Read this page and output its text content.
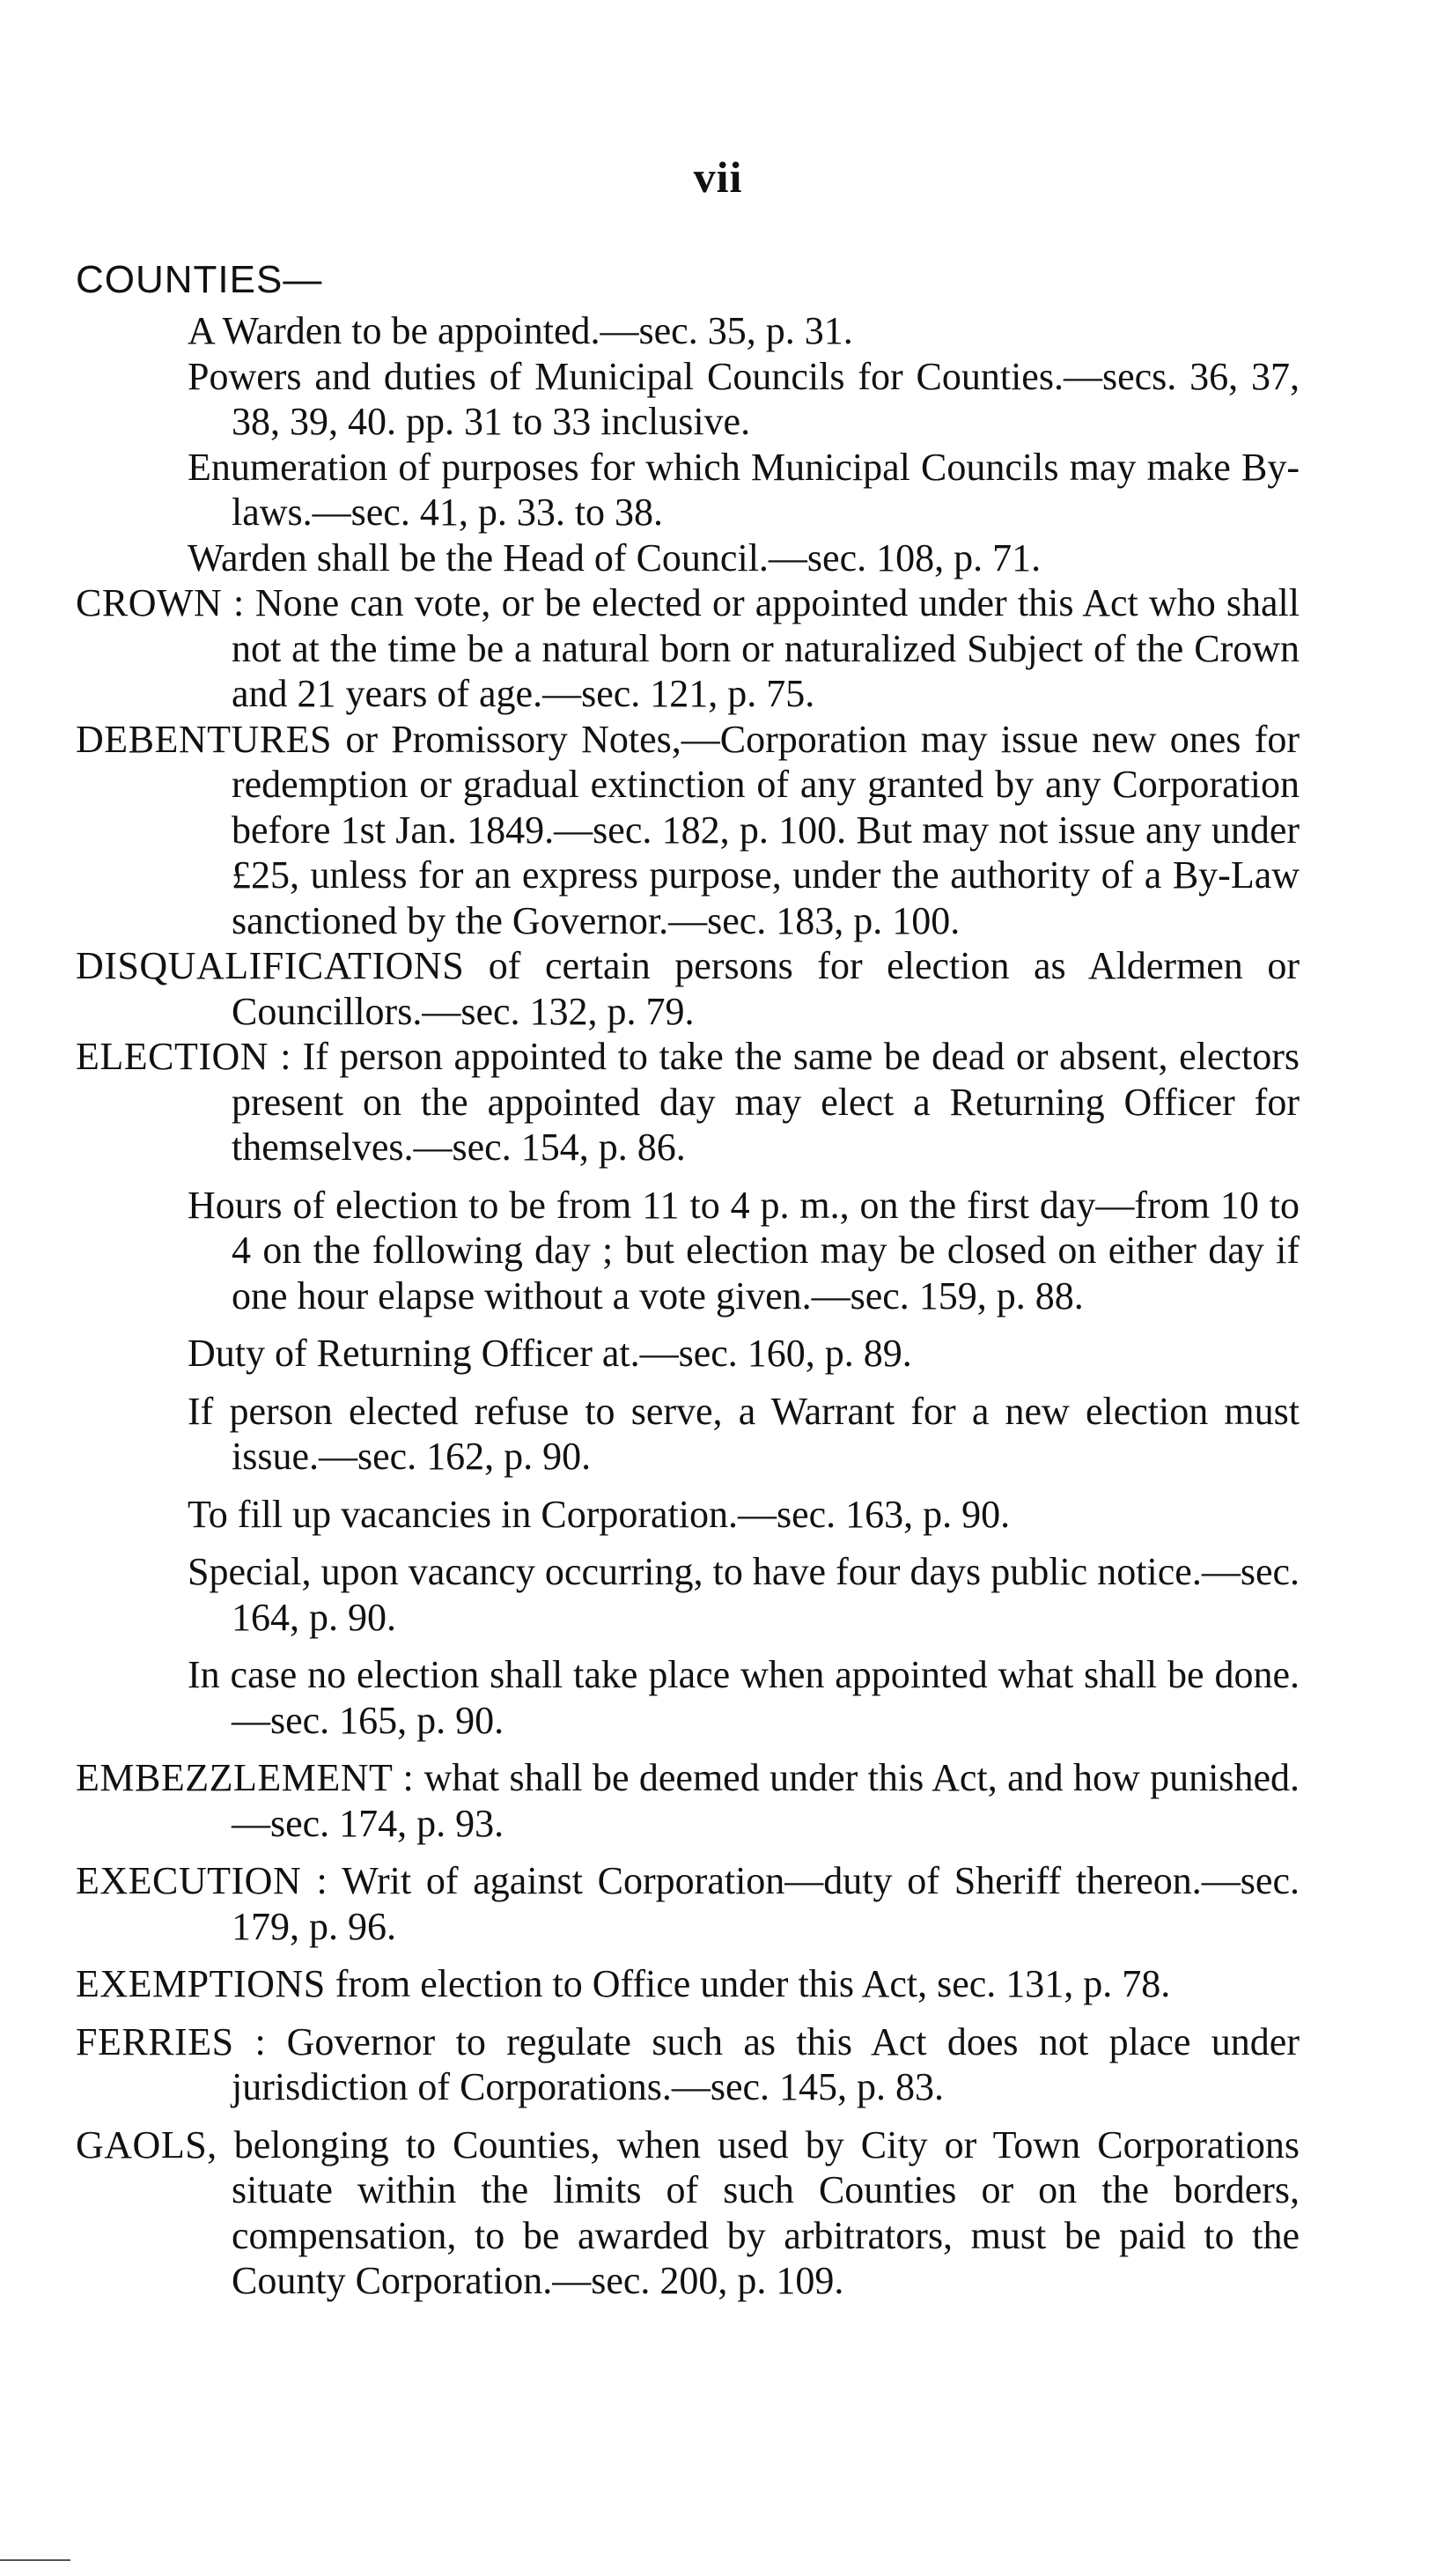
vii
COUNTIES—

A Warden to be appointed.—sec. 35, p. 31.

Powers and duties of Municipal Councils for Counties.—secs. 36, 37, 38, 39, 40. pp. 31 to 33 inclusive.

Enumeration of purposes for which Municipal Councils may make By-laws.—sec. 41, p. 33. to 38.

Warden shall be the Head of Council.—sec. 108, p. 71.

CROWN : None can vote, or be elected or appointed under this Act who shall not at the time be a natural born or naturalized Subject of the Crown and 21 years of age.—sec. 121, p. 75.

DEBENTURES or Promissory Notes,—Corporation may issue new ones for redemption or gradual extinction of any granted by any Corporation before 1st Jan. 1849.—sec. 182, p. 100. But may not issue any under £25, unless for an express purpose, under the authority of a By-Law sanctioned by the Governor.—sec. 183, p. 100.

DISQUALIFICATIONS of certain persons for election as Aldermen or Councillors.—sec. 132, p. 79.

ELECTION : If person appointed to take the same be dead or absent, electors present on the appointed day may elect a Returning Officer for themselves.—sec. 154, p. 86.

Hours of election to be from 11 to 4 p. m., on the first day—from 10 to 4 on the following day ; but election may be closed on either day if one hour elapse without a vote given.—sec. 159, p. 88.

Duty of Returning Officer at.—sec. 160, p. 89.

If person elected refuse to serve, a Warrant for a new election must issue.—sec. 162, p. 90.

To fill up vacancies in Corporation.—sec. 163, p. 90.

Special, upon vacancy occurring, to have four days public notice.—sec. 164, p. 90.

In case no election shall take place when appointed what shall be done.—sec. 165, p. 90.

EMBEZZLEMENT : what shall be deemed under this Act, and how punished.—sec. 174, p. 93.

EXECUTION : Writ of against Corporation—duty of Sheriff thereon.—sec. 179, p. 96.

EXEMPTIONS from election to Office under this Act, sec. 131, p. 78.

FERRIES : Governor to regulate such as this Act does not place under jurisdiction of Corporations.—sec. 145, p. 83.

GAOLS, belonging to Counties, when used by City or Town Corporations situate within the limits of such Counties or on the borders, compensation, to be awarded by arbitrators, must be paid to the County Corporation.—sec. 200, p. 109.
